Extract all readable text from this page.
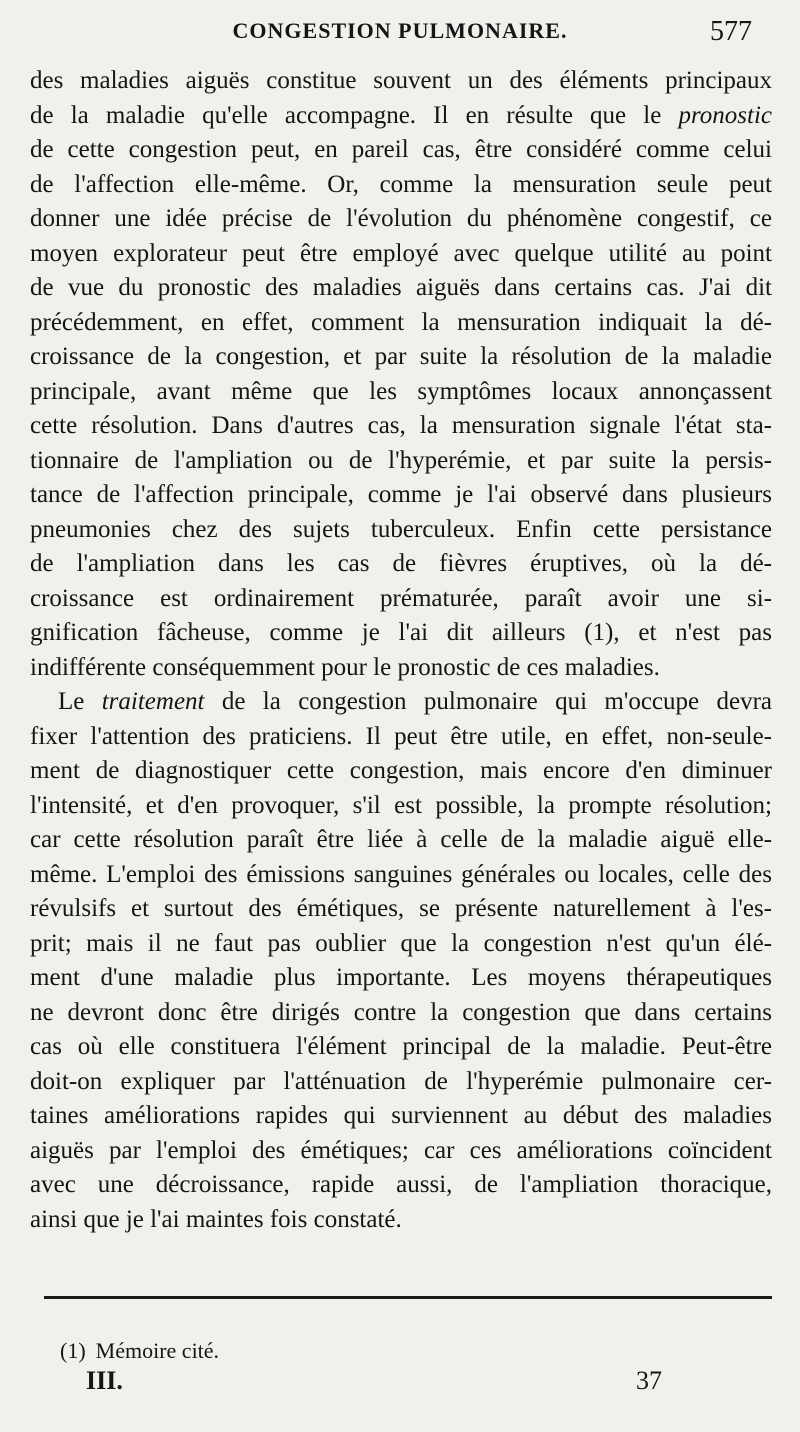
CONGESTION PULMONAIRE.	577
des maladies aiguës constitue souvent un des éléments principaux
de la maladie qu'elle accompagne. Il en résulte que le pronostic
de cette congestion peut, en pareil cas, être considéré comme celui
de l'affection elle-même. Or, comme la mensuration seule peut
donner une idée précise de l'évolution du phénomène congestif, ce
moyen explorateur peut être employé avec quelque utilité au point
de vue du pronostic des maladies aiguës dans certains cas. J'ai dit
précédemment, en effet, comment la mensuration indiquait la dé-
croissance de la congestion, et par suite la résolution de la maladie
principale, avant même que les symptômes locaux annonçassent
cette résolution. Dans d'autres cas, la mensuration signale l'état sta-
tionnaire de l'ampliation ou de l'hyperémie, et par suite la persis-
tance de l'affection principale, comme je l'ai observé dans plusieurs
pneumonies chez des sujets tuberculeux. Enfin cette persistance
de l'ampliation dans les cas de fièvres éruptives, où la dé-
croissance est ordinairement prématurée, paraît avoir une si-
gnification fâcheuse, comme je l'ai dit ailleurs (1), et n'est pas
indifférente conséquemment pour le pronostic de ces maladies.
Le traitement de la congestion pulmonaire qui m'occupe devra
fixer l'attention des praticiens. Il peut être utile, en effet, non-seule-
ment de diagnostiquer cette congestion, mais encore d'en diminuer
l'intensité, et d'en provoquer, s'il est possible, la prompte résolution;
car cette résolution paraît être liée à celle de la maladie aiguë elle-
même. L'emploi des émissions sanguines générales ou locales, celle des
révulsifs et surtout des émétiques, se présente naturellement à l'es-
prit; mais il ne faut pas oublier que la congestion n'est qu'un élé-
ment d'une maladie plus importante. Les moyens thérapeutiques
ne devront donc être dirigés contre la congestion que dans certains
cas où elle constituera l'élément principal de la maladie. Peut-être
doit-on expliquer par l'atténuation de l'hyperémie pulmonaire cer-
taines améliorations rapides qui surviennent au début des maladies
aiguës par l'emploi des émétiques; car ces améliorations coïncident
avec une décroissance, rapide aussi, de l'ampliation thoracique,
ainsi que je l'ai maintes fois constaté.
(1) Mémoire cité.
III.	37
